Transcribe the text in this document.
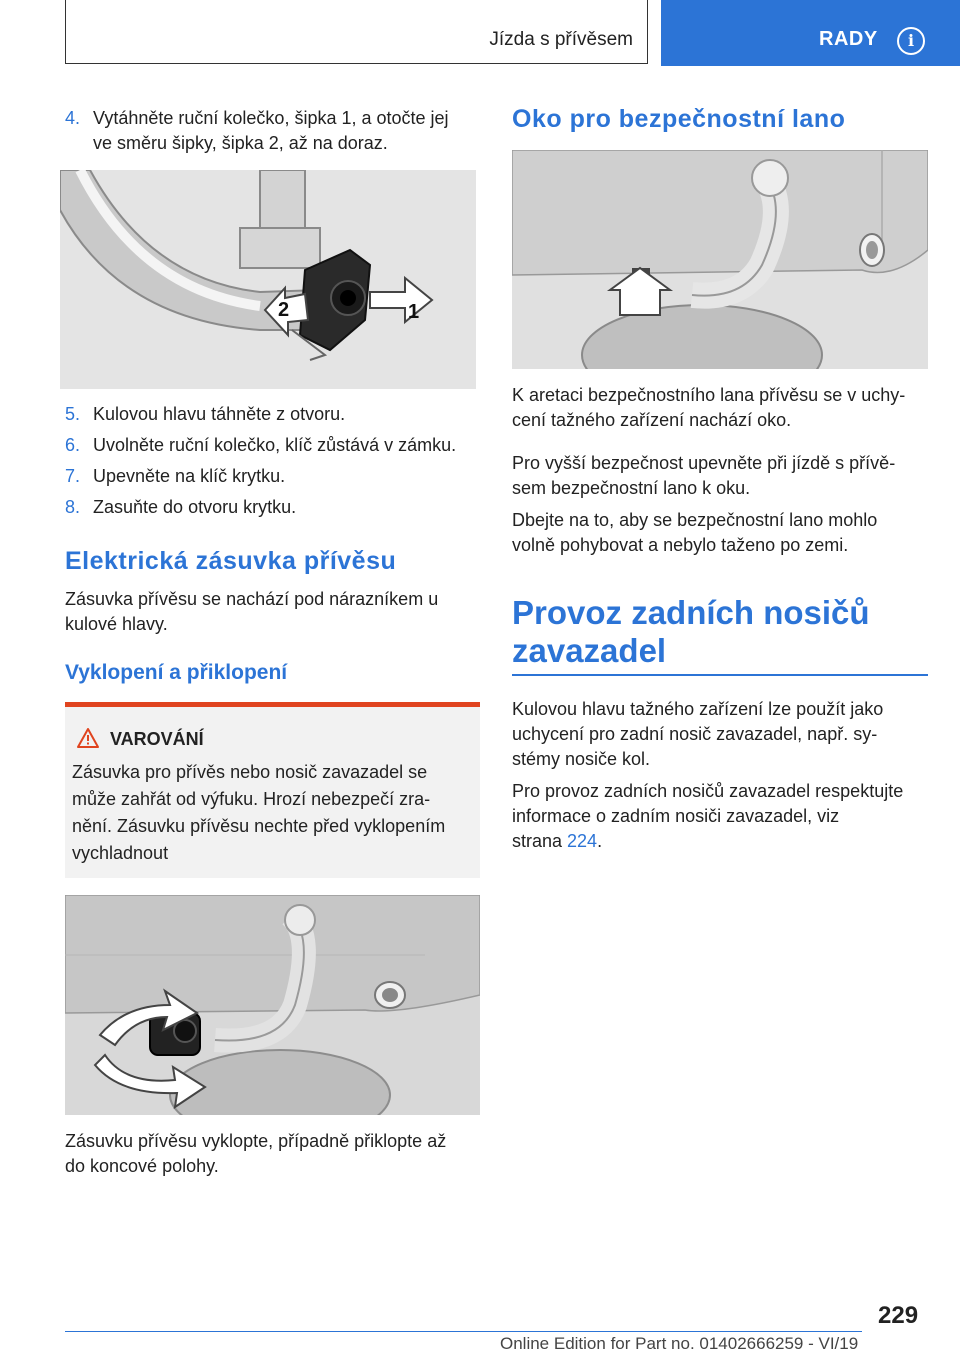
Jízda s přívěsem	RADY	i
4. Vytáhněte ruční kolečko, šipka 1, a otočte jej
ve směru šipky, šipka 2, až na doraz.
1
2
5. Kulovou hlavu táhněte z otvoru.
6. Uvolněte ruční kolečko, klíč zůstává v zámku.
7. Upevněte na klíč krytku.
8. Zasuňte do otvoru krytku.
Elektrická zásuvka přívěsu
Zásuvka přívěsu se nachází pod nárazníkem u
kulové hlavy.
Vyklopení a přiklopení
VAROVÁNÍ
Zásuvka pro přívěs nebo nosič zavazadel se
může zahřát od výfuku. Hrozí nebezpečí zra-
nění. Zásuvku přívěsu nechte před vyklopením
vychladnout
Zásuvku přívěsu vyklopte, případně přiklopte až
do koncové polohy.
Oko pro bezpečnostní lano
K aretaci bezpečnostního lana přívěsu se v uchy-
cení tažného zařízení nachází oko.
Pro vyšší bezpečnost upevněte při jízdě s přívě-
sem bezpečnostní lano k oku.
Dbejte na to, aby se bezpečnostní lano mohlo
volně pohybovat a nebylo taženo po zemi.
Provoz zadních nosičů
zavazadel
Kulovou hlavu tažného zařízení lze použít jako
uchycení pro zadní nosič zavazadel, např. sy-
stémy nosiče kol.
Pro provoz zadních nosičů zavazadel respektujte
informace o zadním nosiči zavazadel, viz
strana 224.
229
Online Edition for Part no. 01402666259 - VI/19
